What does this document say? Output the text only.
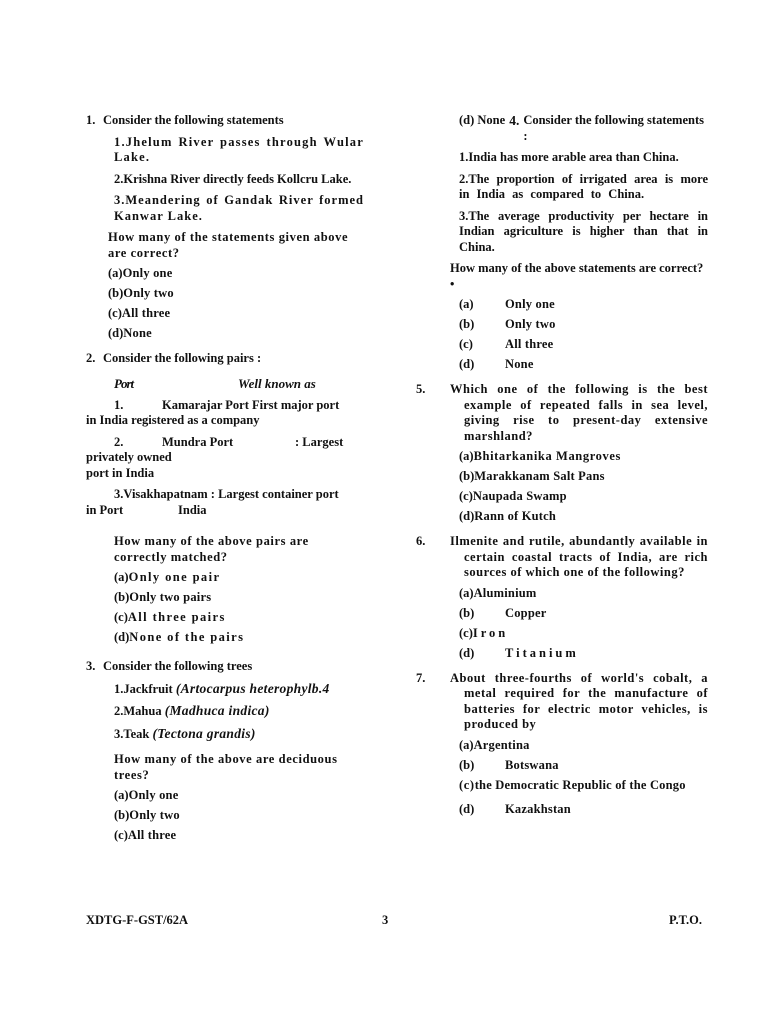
1. Consider the following statements
1.Jhelum River passes through Wular Lake.
2.Krishna River directly feeds Kollcru Lake.
3.Meandering of Gandak River formed Kanwar Lake.
How many of the statements given above are correct?
(a)Only one
(b)Only two
(c)All three
(d)None
2. Consider the following pairs :
Port	Well known as
1.	Kamarajar Port First major port
in India registered as a company
2.	Mundra Port	: Largest
privately owned
port in India
3.Visakhapatnam : Largest container port
in Port	India
How many of the above pairs are correctly matched?
(a)Only one pair
(b)Only two pairs
(c)All three pairs
(d)None of the pairs
3. Consider the following trees
1.Jackfruit (Artocarpus heterophylb.4
2.Mahua (Madhuca indica)
3.Teak (Tectona grandis)
How many of the above are deciduous trees?
(a)Only one
(b)Only two
(c)All three
(d) None 4. Consider the following statements :
1.India has more arable area than China.
2.The proportion of irrigated area is more in India as compared to China.
3.The average productivity per hectare in Indian agriculture is higher than that in China.
How many of the above statements are correct? •
(a)	Only one
(b) Only two
(c)	All three
(d) None
5.	Which one of the following is the best example of repeated falls in sea level, giving rise to present-day extensive marshland?
(a)Bhitarkanika Mangroves
(b)Marakkanam Salt Pans
(c)Naupada Swamp
(d)Rann of Kutch
6.	Ilmenite and rutile, abundantly available in certain coastal tracts of India, are rich sources of which one of the following?
(a)Aluminium
(b) Copper
(c)Iron
(d) Titanium
7.	About three-fourths of world's cobalt, a metal required for the manufacture of batteries for electric motor vehicles, is produced by
(a)Argentina
(b) Botswana
(c)the Democratic Republic of the Congo
(d) Kazakhstan
XDTG-F-GST/62A	3	P.T.O.
